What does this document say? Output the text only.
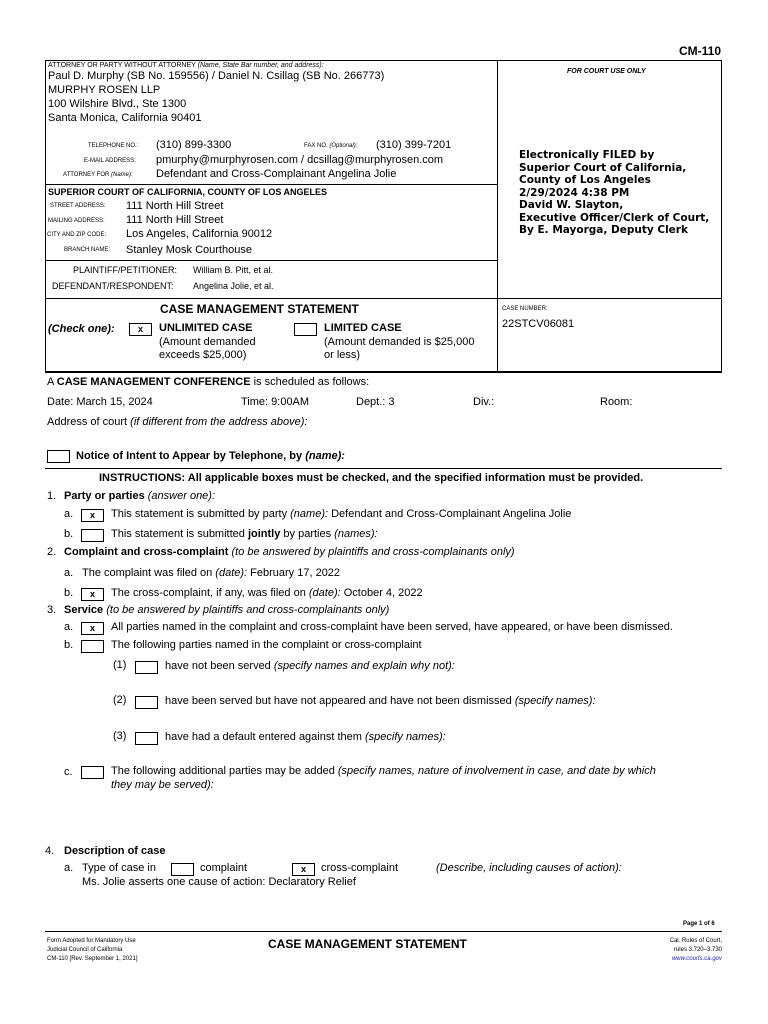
CM-110
ATTORNEY OR PARTY WITHOUT ATTORNEY (Name, State Bar number, and address):
Paul D. Murphy (SB No. 159556) / Daniel N. Csillag (SB No. 266773)
MURPHY ROSEN LLP
100 Wilshire Blvd., Ste 1300
Santa Monica, California 90401
TELEPHONE NO.: (310) 899-3300	FAX NO. (Optional): (310) 399-7201
E-MAIL ADDRESS: pmurphy@murphyrosen.com / dcsillag@murphyrosen.com
ATTORNEY FOR (Name): Defendant and Cross-Complainant Angelina Jolie
FOR COURT USE ONLY
Electronically FILED by
Superior Court of California,
County of Los Angeles
2/29/2024 4:38 PM
David W. Slayton,
Executive Officer/Clerk of Court,
By E. Mayorga, Deputy Clerk
SUPERIOR COURT OF CALIFORNIA, COUNTY OF LOS ANGELES
STREET ADDRESS: 111 North Hill Street
MAILING ADDRESS: 111 North Hill Street
CITY AND ZIP CODE: Los Angeles, California 90012
BRANCH NAME: Stanley Mosk Courthouse
PLAINTIFF/PETITIONER: William B. Pitt, et al.
DEFENDANT/RESPONDENT: Angelina Jolie, et al.
CASE MANAGEMENT STATEMENT
(Check one):	x	UNLIMITED CASE
(Amount demanded
exceeds $25,000)
LIMITED CASE
(Amount demanded is $25,000
or less)
CASE NUMBER:
22STCV06081
A CASE MANAGEMENT CONFERENCE is scheduled as follows:
Date: March 15, 2024	Time: 9:00AM	Dept.: 3	Div.:	Room:
Address of court (if different from the address above):
Notice of Intent to Appear by Telephone, by (name):
INSTRUCTIONS: All applicable boxes must be checked, and the specified information must be provided.
1. Party or parties (answer one):
a.	x	This statement is submitted by party (name): Defendant and Cross-Complainant Angelina Jolie
b.	This statement is submitted jointly by parties (names):
2. Complaint and cross-complaint (to be answered by plaintiffs and cross-complainants only)
a. The complaint was filed on (date): February 17, 2022
b.	x	The cross-complaint, if any, was filed on (date): October 4, 2022
3. Service (to be answered by plaintiffs and cross-complainants only)
a.	x	All parties named in the complaint and cross-complaint have been served, have appeared, or have been dismissed.
b.	The following parties named in the complaint or cross-complaint
(1)	have not been served (specify names and explain why not):
(2)	have been served but have not appeared and have not been dismissed (specify names):
(3)	have had a default entered against them (specify names):
c.	The following additional parties may be added (specify names, nature of involvement in case, and date by which
they may be served):
4. Description of case
a. Type of case in	complaint	x	cross-complaint	(Describe, including causes of action):
Ms. Jolie asserts one cause of action: Declaratory Relief
Page 1 of 6
Form Adopted for Mandatory Use
Judicial Council of California
CM-110 [Rev. September 1, 2021]
CASE MANAGEMENT STATEMENT	Cal. Rules of Court,
rules 3.720–3.730
www.courts.ca.gov
